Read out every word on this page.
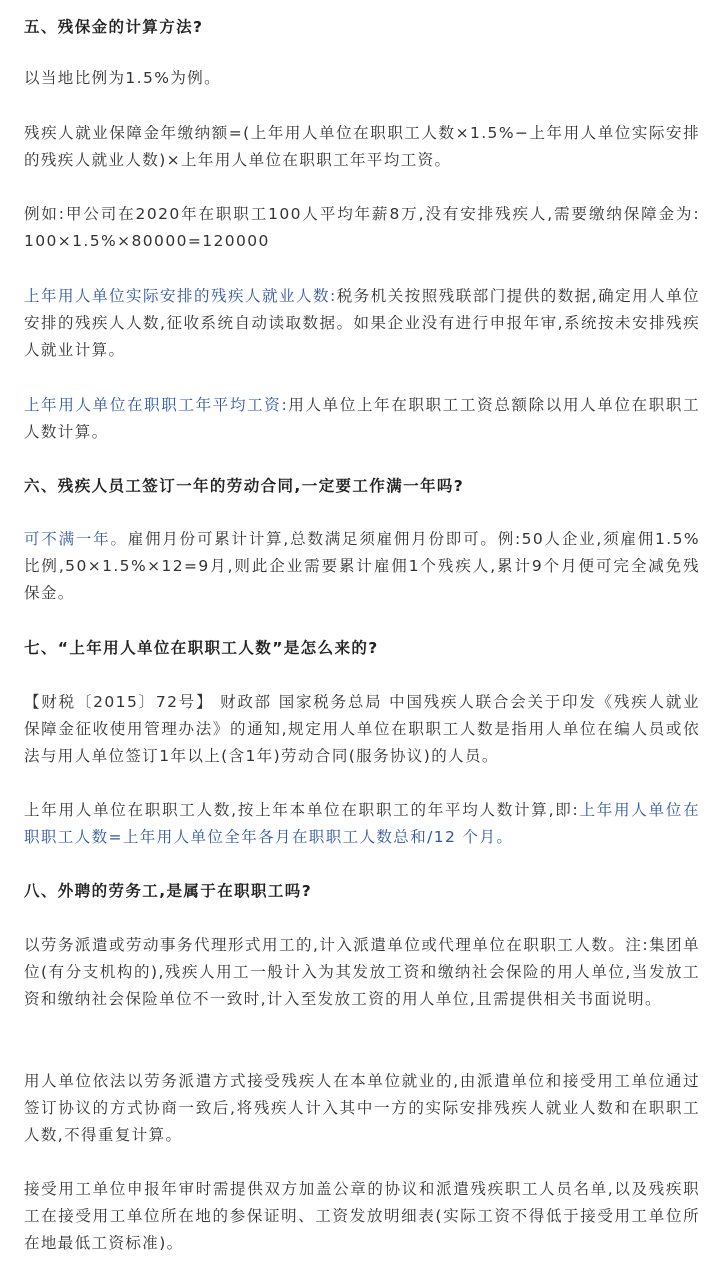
五、残保金的计算方法?

以当地比例为1.5%为例。

残疾人就业保障金年缴纳额=(上年用人单位在职职工人数×1.5%−上年用人单位实际安排的残疾人就业人数)×上年用人单位在职职工年平均工资。

例如:甲公司在2020年在职职工100人平均年薪8万,没有安排残疾人,需要缴纳保障金为: 100×1.5%×80000=120000

上年用人单位实际安排的残疾人就业人数:税务机关按照残联部门提供的数据,确定用人单位安排的残疾人人数,征收系统自动读取数据。如果企业没有进行申报年审,系统按未安排残疾人就业计算。

上年用人单位在职职工年平均工资:用人单位上年在职职工工资总额除以用人单位在职职工人数计算。

六、残疾人员工签订一年的劳动合同,一定要工作满一年吗?

可不满一年。雇佣月份可累计计算,总数满足须雇佣月份即可。例:50人企业,须雇佣1.5%比例,50×1.5%×12=9月,则此企业需要累计雇佣1个残疾人,累计9个月便可完全减免残保金。

七、“上年用人单位在职职工人数”是怎么来的?

【财税〔2015〕72号】 财政部 国家税务总局 中国残疾人联合会关于印发《残疾人就业保障金征收使用管理办法》的通知,规定用人单位在职职工人数是指用人单位在编人员或依法与用人单位签订1年以上(含1年)劳动合同(服务协议)的人员。

上年用人单位在职职工人数,按上年本单位在职职工的年平均人数计算,即:上年用人单位在职职工人数=上年用人单位全年各月在职职工人数总和/12 个月。

八、外聘的劳务工,是属于在职职工吗?

以劳务派遣或劳动事务代理形式用工的,计入派遣单位或代理单位在职职工人数。注:集团单位(有分支机构的),残疾人用工一般计入为其发放工资和缴纳社会保险的用人单位,当发放工资和缴纳社会保险单位不一致时,计入至发放工资的用人单位,且需提供相关书面说明。

用人单位依法以劳务派遣方式接受残疾人在本单位就业的,由派遣单位和接受用工单位通过签订协议的方式协商一致后,将残疾人计入其中一方的实际安排残疾人就业人数和在职职工人数,不得重复计算。

接受用工单位申报年审时需提供双方加盖公章的协议和派遣残疾职工人员名单,以及残疾职工在接受用工单位所在地的参保证明、工资发放明细表(实际工资不得低于接受用工单位所在地最低工资标准)。
